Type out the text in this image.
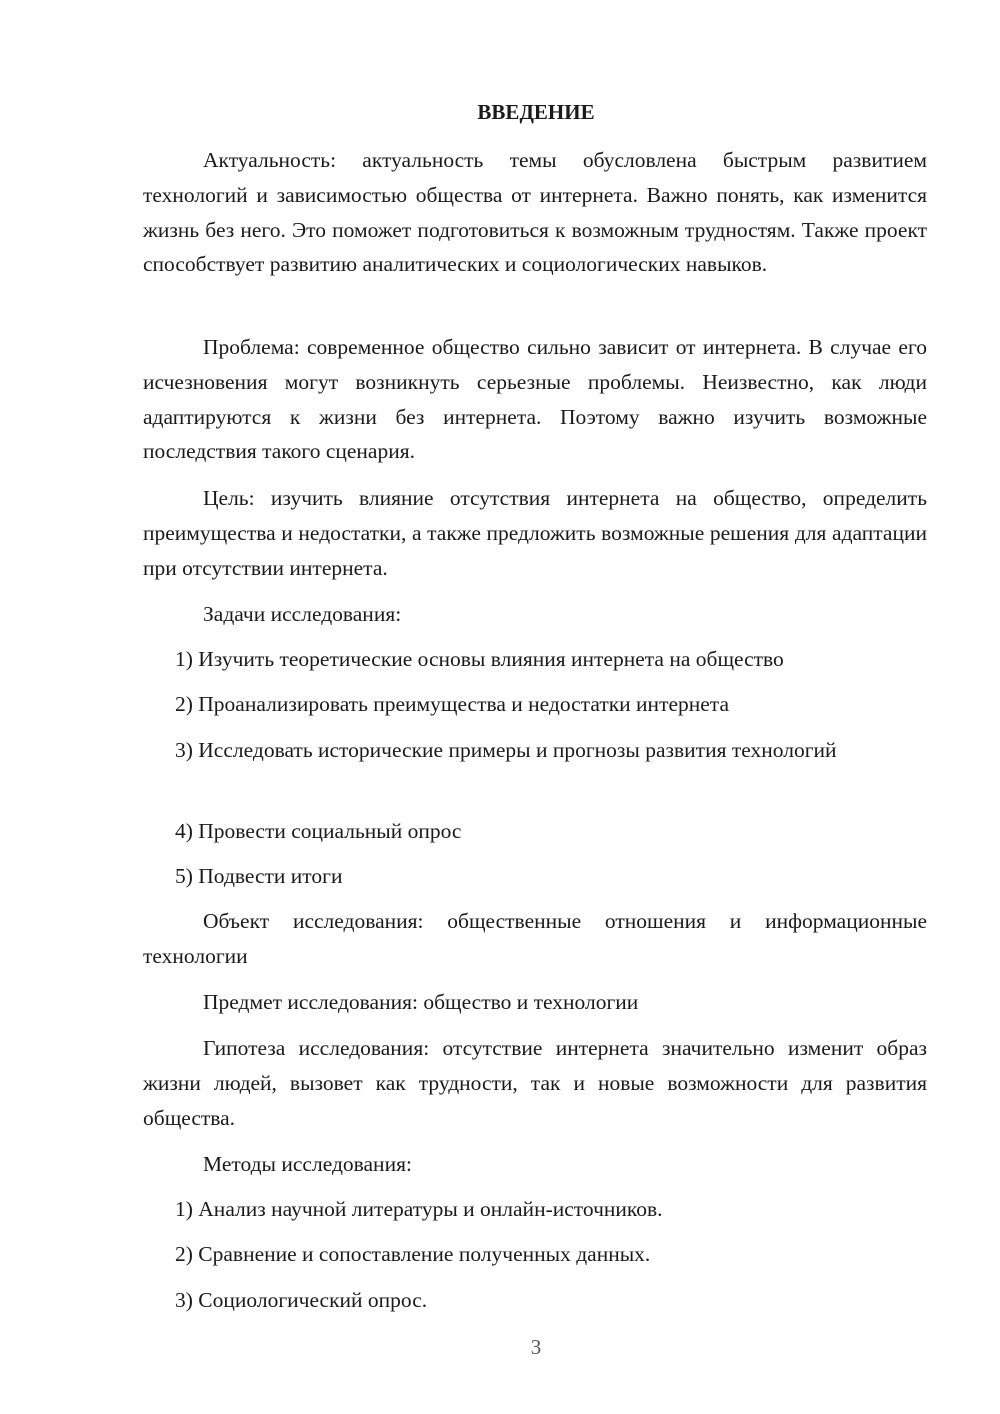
ВВЕДЕНИЕ

Актуальность: актуальность темы обусловлена быстрым развитием технологий и зависимостью общества от интернета. Важно понять, как изменится жизнь без него. Это поможет подготовиться к возможным трудностям. Также проект способствует развитию аналитических и социологических навыков.

Проблема: современное общество сильно зависит от интернета. В случае его исчезновения могут возникнуть серьезные проблемы. Неизвестно, как люди адаптируются к жизни без интернета. Поэтому важно изучить возможные последствия такого сценария.

Цель: изучить влияние отсутствия интернета на общество, определить преимущества и недостатки, а также предложить возможные решения для адаптации при отсутствии интернета.

Задачи исследования:

1) Изучить теоретические основы влияния интернета на общество

2) Проанализировать преимущества и недостатки интернета

3) Исследовать исторические примеры и прогнозы развития технологий

4) Провести социальный опрос

5) Подвести итоги

Объект исследования: общественные отношения и информационные технологии

Предмет исследования: общество и технологии

Гипотеза исследования: отсутствие интернета значительно изменит образ жизни людей, вызовет как трудности, так и новые возможности для развития общества.

Методы исследования:

1) Анализ научной литературы и онлайн-источников.

2) Сравнение и сопоставление полученных данных.

3) Социологический опрос.

3
